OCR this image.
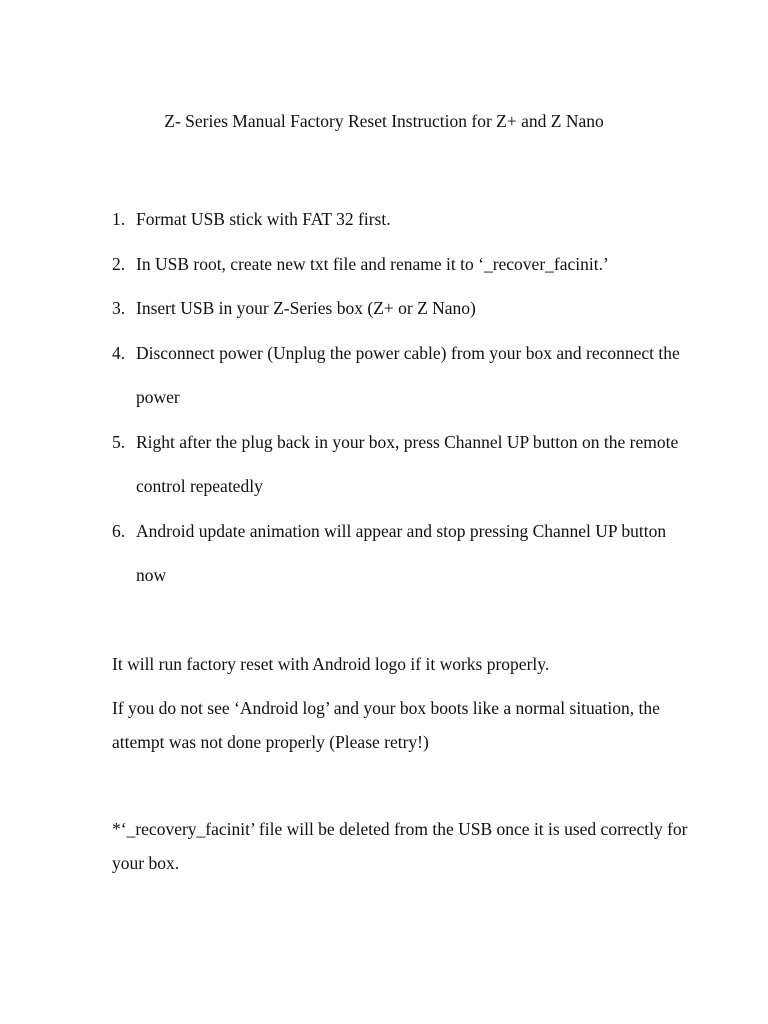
Z- Series Manual Factory Reset Instruction for Z+ and Z Nano
1. Format USB stick with FAT 32 first.
2. In USB root, create new txt file and rename it to ‘_recover_facinit.’
3. Insert USB in your Z-Series box (Z+ or Z Nano)
4. Disconnect power (Unplug the power cable) from your box and reconnect the power
5. Right after the plug back in your box, press Channel UP button on the remote control repeatedly
6. Android update animation will appear and stop pressing Channel UP button now

It will run factory reset with Android logo if it works properly.

If you do not see ‘Android log’ and your box boots like a normal situation, the attempt was not done properly (Please retry!)

*‘_recovery_facinit’ file will be deleted from the USB once it is used correctly for your box.
